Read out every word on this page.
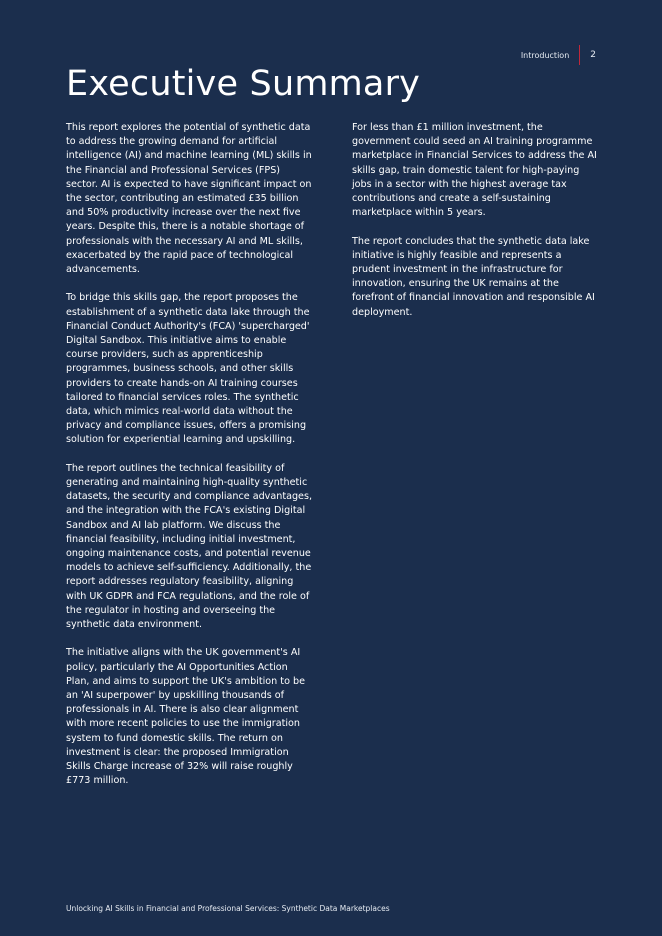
Introduction	2
Executive Summary

This report explores the potential of synthetic data to address the growing demand for artificial intelligence (AI) and machine learning (ML) skills in the Financial and Professional Services (FPS) sector. AI is expected to have significant impact on the sector, contributing an estimated £35 billion and 50% productivity increase over the next five years. Despite this, there is a notable shortage of professionals with the necessary AI and ML skills, exacerbated by the rapid pace of technological advancements.

To bridge this skills gap, the report proposes the establishment of a synthetic data lake through the Financial Conduct Authority's (FCA) 'supercharged' Digital Sandbox. This initiative aims to enable course providers, such as apprenticeship programmes, business schools, and other skills providers to create hands-on AI training courses tailored to financial services roles. The synthetic data, which mimics real-world data without the privacy and compliance issues, offers a promising solution for experiential learning and upskilling.

The report outlines the technical feasibility of generating and maintaining high-quality synthetic datasets, the security and compliance advantages, and the integration with the FCA's existing Digital Sandbox and AI lab platform. We discuss the financial feasibility, including initial investment, ongoing maintenance costs, and potential revenue models to achieve self-sufficiency. Additionally, the report addresses regulatory feasibility, aligning with UK GDPR and FCA regulations, and the role of the regulator in hosting and overseeing the synthetic data environment.

The initiative aligns with the UK government's AI policy, particularly the AI Opportunities Action Plan, and aims to support the UK's ambition to be an 'AI superpower' by upskilling thousands of professionals in AI. There is also clear alignment with more recent policies to use the immigration system to fund domestic skills. The return on investment is clear: the proposed Immigration Skills Charge increase of 32% will raise roughly £773 million.

For less than £1 million investment, the government could seed an AI training programme marketplace in Financial Services to address the AI skills gap, train domestic talent for high-paying jobs in a sector with the highest average tax contributions and create a self-sustaining marketplace within 5 years.

The report concludes that the synthetic data lake initiative is highly feasible and represents a prudent investment in the infrastructure for innovation, ensuring the UK remains at the forefront of financial innovation and responsible AI deployment.

Unlocking AI Skills in Financial and Professional Services: Synthetic Data Marketplaces
